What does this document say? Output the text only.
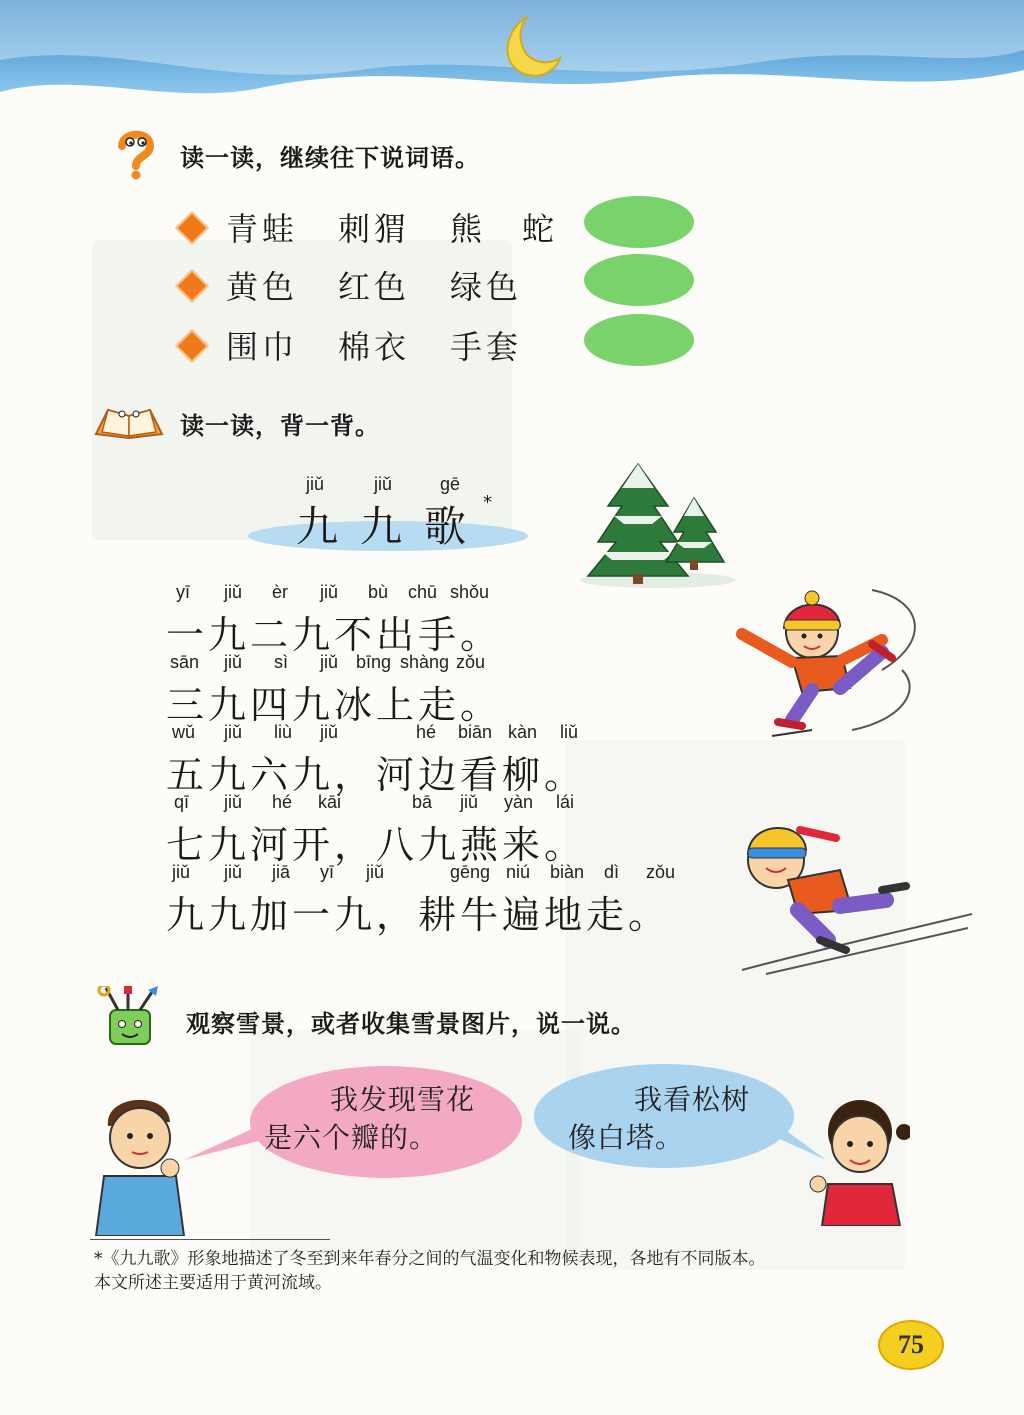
读一读，继续往下说词语。
青蛙 刺猬 熊 蛇
黄色 红色 绿色
围巾 棉衣 手套
读一读，背一背。
jiǔ	jiǔ	gē
九九歌
*
yī jiǔ èr jiǔ bù chū shǒu
一九二九不出手。
sān jiǔ sì jiǔ bīng shàng zǒu
三九四九冰上走。
wǔ jiǔ liù jiǔ	hé biān kàn liǔ
五九六九，河边看柳。
qī jiǔ hé kāi	bā jiǔ yàn lái
七九河开，八九燕来。
jiǔ jiǔ jiā yī jiǔ	gēng niú biàn dì zǒu
九九加一九，耕牛遍地走。
观察雪景，或者收集雪景图片，说一说。
我发现雪花
是六个瓣的。
我看松树
像白塔。
*《九九歌》形象地描述了冬至到来年春分之间的气温变化和物候表现，各地有不同版本。
本文所述主要适用于黄河流域。
75
